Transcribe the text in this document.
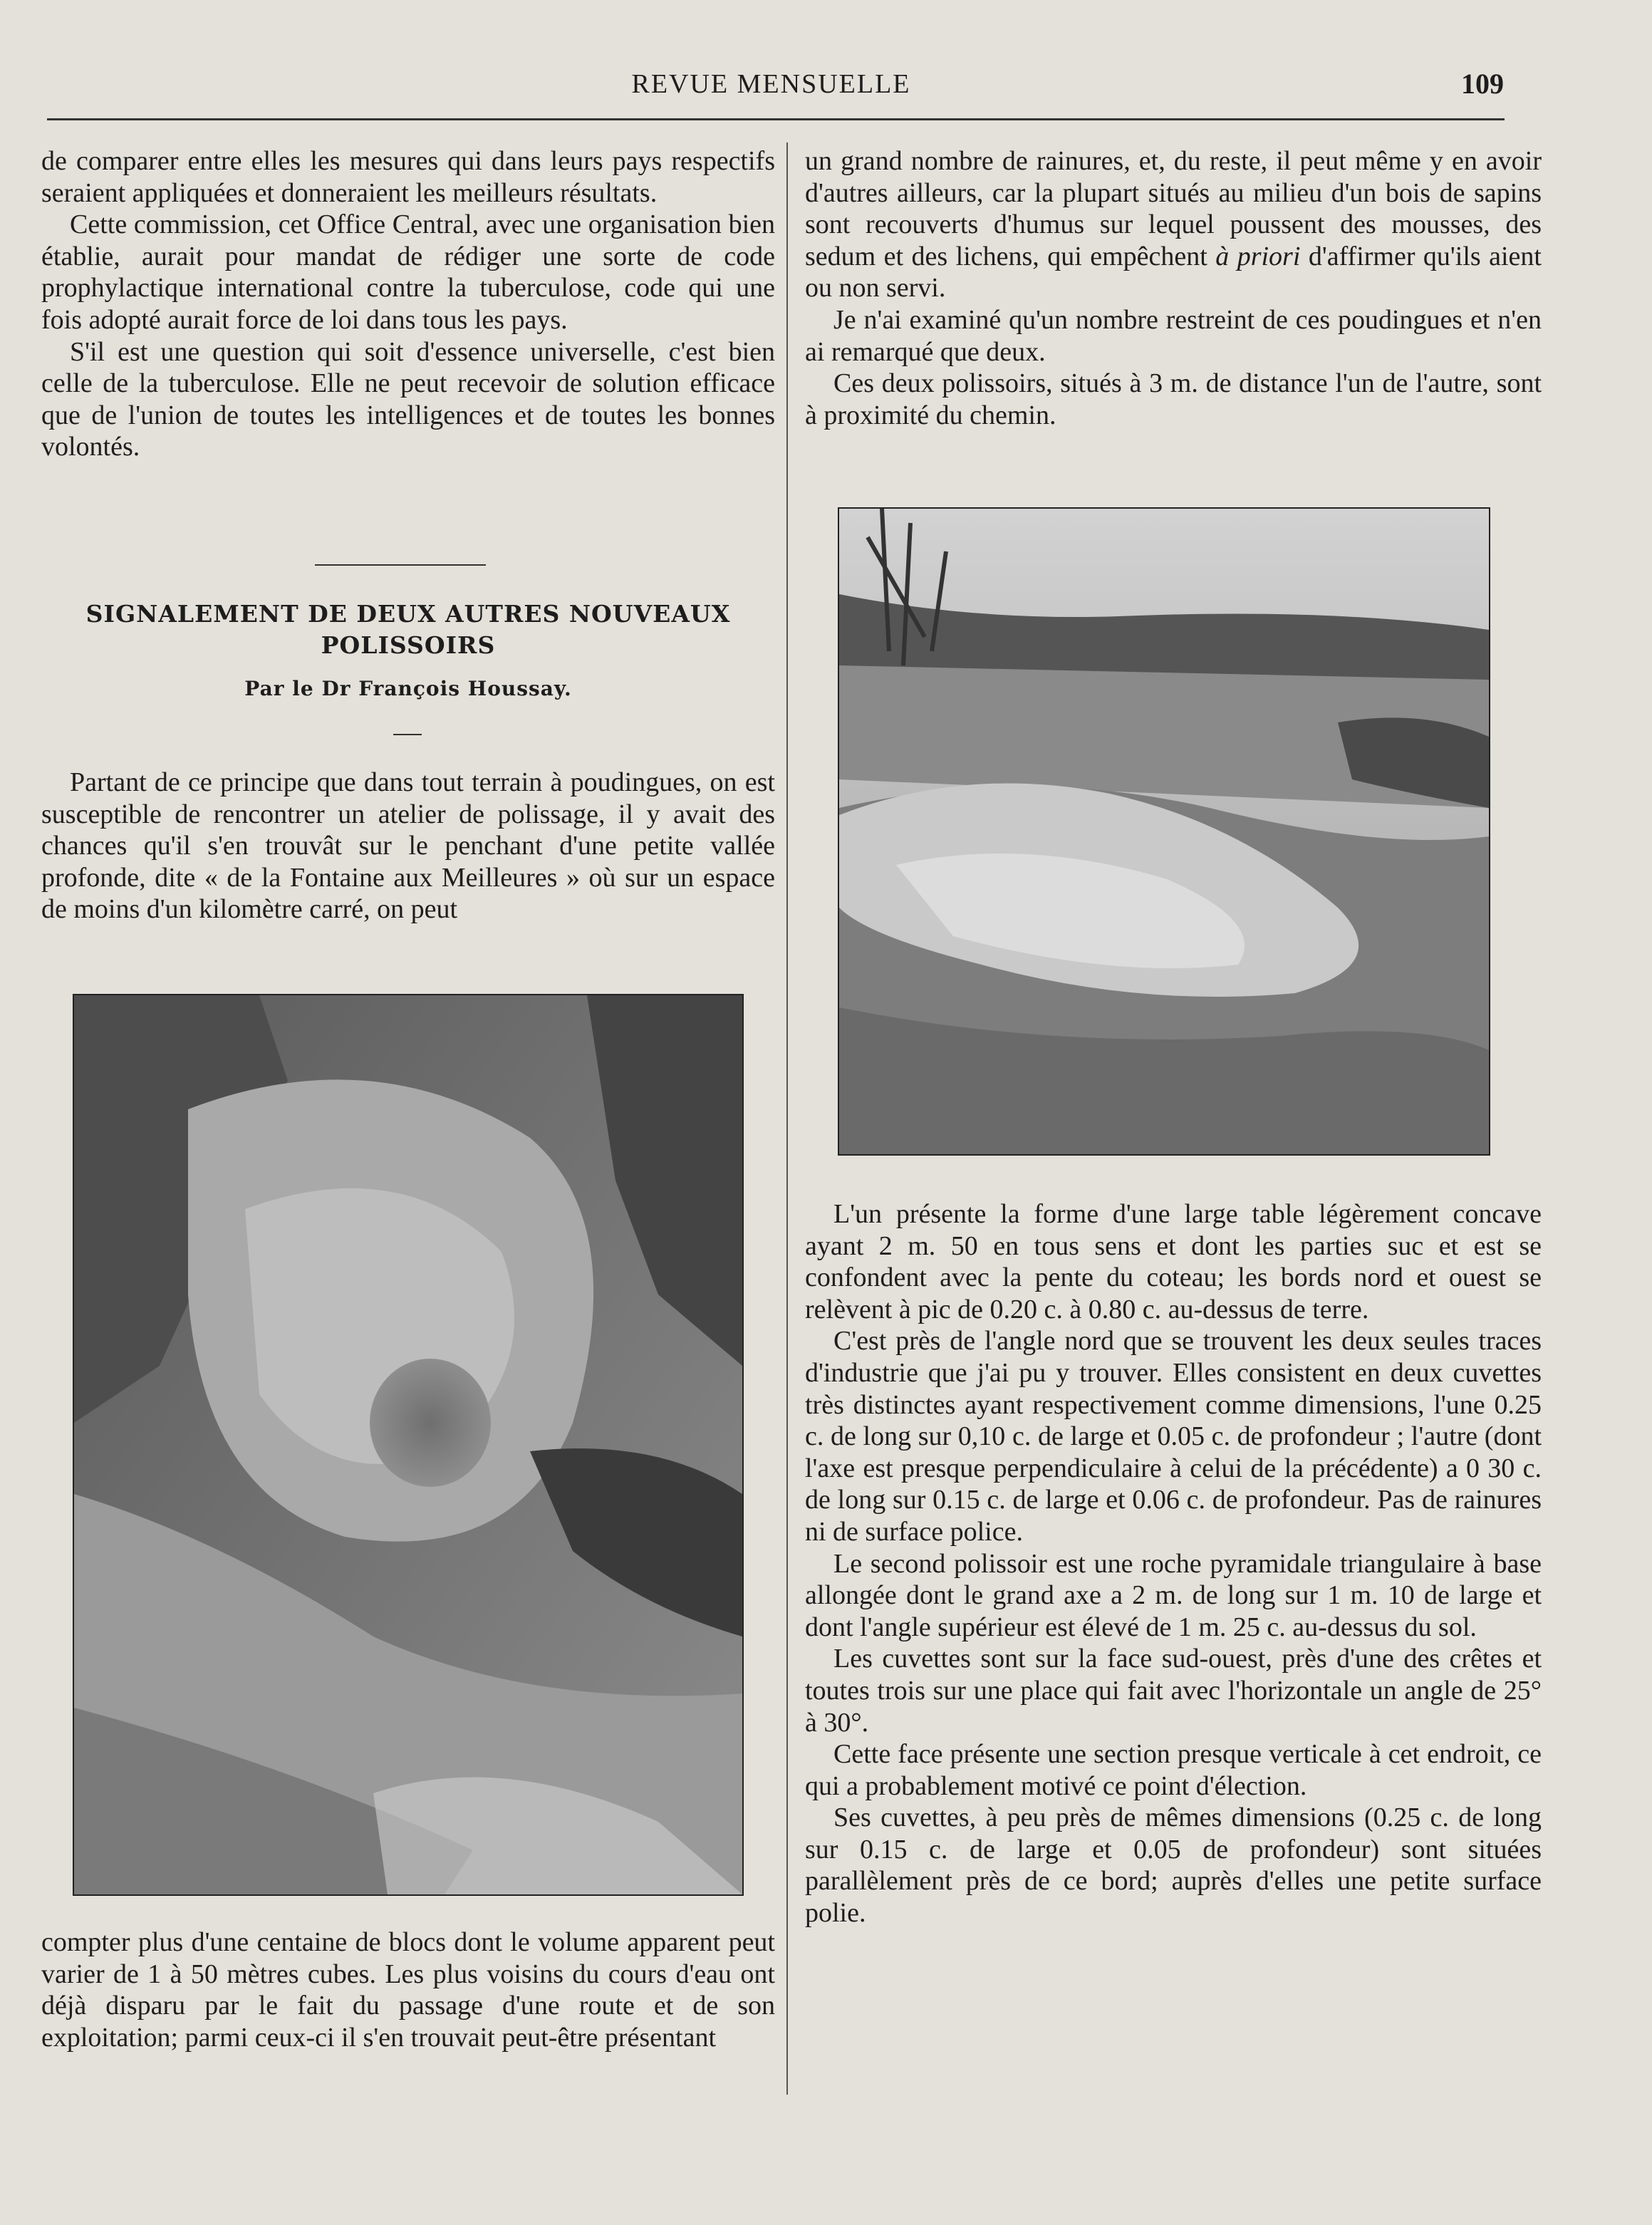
REVUE MENSUELLE	109

de comparer entre elles les mesures qui dans leurs pays respectifs seraient appliquées et donneraient les meilleurs résultats.

Cette commission, cet Office Central, avec une organisation bien établie, aurait pour mandat de rédiger une sorte de code prophylactique international contre la tuberculose, code qui une fois adopté aurait force de loi dans tous les pays.

S'il est une question qui soit d'essence universelle, c'est bien celle de la tuberculose. Elle ne peut recevoir de solution efficace que de l'union de toutes les intelligences et de toutes les bonnes volontés.

SIGNALEMENT DE DEUX AUTRES NOUVEAUX POLISSOIRS
Par le Dr François Houssay.

Partant de ce principe que dans tout terrain à poudingues, on est susceptible de rencontrer un atelier de polissage, il y avait des chances qu'il s'en trouvât sur le penchant d'une petite vallée profonde, dite « de la Fontaine aux Meilleures » où sur un espace de moins d'un kilomètre carré, on peut

compter plus d'une centaine de blocs dont le volume apparent peut varier de 1 à 50 mètres cubes. Les plus voisins du cours d'eau ont déjà disparu par le fait du passage d'une route et de son exploitation; parmi ceux-ci il s'en trouvait peut-être présentant

un grand nombre de rainures, et, du reste, il peut même y en avoir d'autres ailleurs, car la plupart situés au milieu d'un bois de sapins sont recouverts d'humus sur lequel poussent des mousses, des sedum et des lichens, qui empêchent à priori d'affirmer qu'ils aient ou non servi.

Je n'ai examiné qu'un nombre restreint de ces poudingues et n'en ai remarqué que deux.

Ces deux polissoirs, situés à 3 m. de distance l'un de l'autre, sont à proximité du chemin.

L'un présente la forme d'une large table légèrement concave ayant 2 m. 50 en tous sens et dont les parties suc et est se confondent avec la pente du coteau; les bords nord et ouest se relèvent à pic de 0.20 c. à 0.80 c. au-dessus de terre.

C'est près de l'angle nord que se trouvent les deux seules traces d'industrie que j'ai pu y trouver. Elles consistent en deux cuvettes très distinctes ayant respectivement comme dimensions, l'une 0.25 c. de long sur 0,10 c. de large et 0.05 c. de profondeur ; l'autre (dont l'axe est presque perpendiculaire à celui de la précédente) a 0 30 c. de long sur 0.15 c. de large et 0.06 c. de profondeur. Pas de rainures ni de surface police.

Le second polissoir est une roche pyramidale triangulaire à base allongée dont le grand axe a 2 m. de long sur 1 m. 10 de large et dont l'angle supérieur est élevé de 1 m. 25 c. au-dessus du sol.

Les cuvettes sont sur la face sud-ouest, près d'une des crêtes et toutes trois sur une place qui fait avec l'horizontale un angle de 25° à 30°.

Cette face présente une section presque verticale à cet endroit, ce qui a probablement motivé ce point d'élection.

Ses cuvettes, à peu près de mêmes dimensions (0.25 c. de long sur 0.15 c. de large et 0.05 de profondeur) sont situées parallèlement près de ce bord; auprès d'elles une petite surface polie.
